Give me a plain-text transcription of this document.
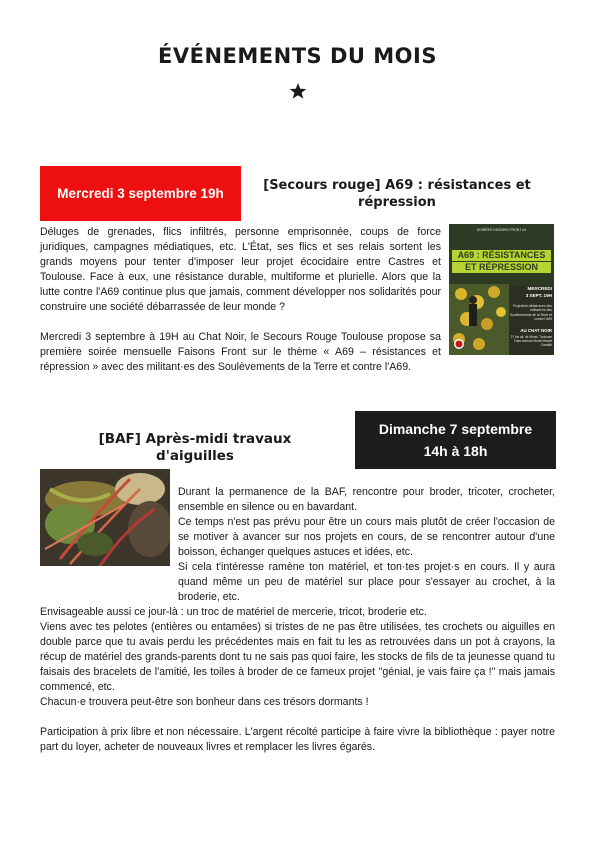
ÉVÉNEMENTS DU MOIS
Mercredi 3 septembre 19h
[Secours rouge] A69 : résistances et répression

Déluges de grenades, flics infiltrés, personne emprisonnée, coups de force juridiques, campagnes médiatiques, etc. L'État, ses flics et ses relais sortent les grands moyens pour tenter d'imposer leur projet écocidaire entre Castres et Toulouse. Face à eux, une résistance durable, multiforme et plurielle. Alors que la lutte contre l'A69 continue plus que jamais, comment développer nos solidarités pour construire une société débarrassée de leur monde ?

Mercredi 3 septembre à 19H au Chat Noir, le Secours Rouge Toulouse propose sa première soirée mensuelle Faisons Front sur le thème « A69 – résistances et répression » avec des militant·es des Soulèvements de la Terre et contre l'A69.

SOIRÉES FAISONS FRONT #1
A69 : RÉSISTANCES
ET RÉPRESSION
MERCREDI
3 SEPT. 19H
Projection-débat avec des militant·es des Soulèvements de la Terre et contre l'A69
AU CHAT NOIR
27 bis all. de Muret, Toulouse Tram Avenue Muret Marcel Cavaillé
[BAF] Après-midi travaux d'aiguilles
Dimanche 7 septembre
14h à 18h

Durant la permanence de la BAF, rencontre pour broder, tricoter, crocheter, ensemble en silence ou en bavardant.

Ce temps n'est pas prévu pour être un cours mais plutôt de créer l'occasion de se motiver à avancer sur nos projets en cours, de se rencontrer autour d'une boisson, échanger quelques astuces et idées, etc.

Si cela t'intéresse ramène ton matériel, et ton·tes projet·s en cours. Il y aura quand même un peu de matériel sur place pour s'essayer au crochet, à la broderie, etc.

Envisageable aussi ce jour-là : un troc de matériel de mercerie, tricot, broderie etc.

Viens avec tes pelotes (entières ou entamées) si tristes de ne pas être utilisées, tes crochets ou aiguilles en double parce que tu avais perdu les précédentes mais en fait tu les as retrouvées dans un pot à crayons, la récup de matériel des grands-parents dont tu ne sais pas quoi faire, les stocks de fils de ta jeunesse quand tu faisais des bracelets de l'amitié, les toiles à broder de ce fameux projet ''génial, je vais faire ça !'' mais jamais commencé, etc.

Chacun·e trouvera peut-être son bonheur dans ces trésors dormants !

Participation à prix libre et non nécessaire. L'argent récolté participe à faire vivre la bibliothèque : payer notre part du loyer, acheter de nouveaux livres et remplacer les livres égarés.
